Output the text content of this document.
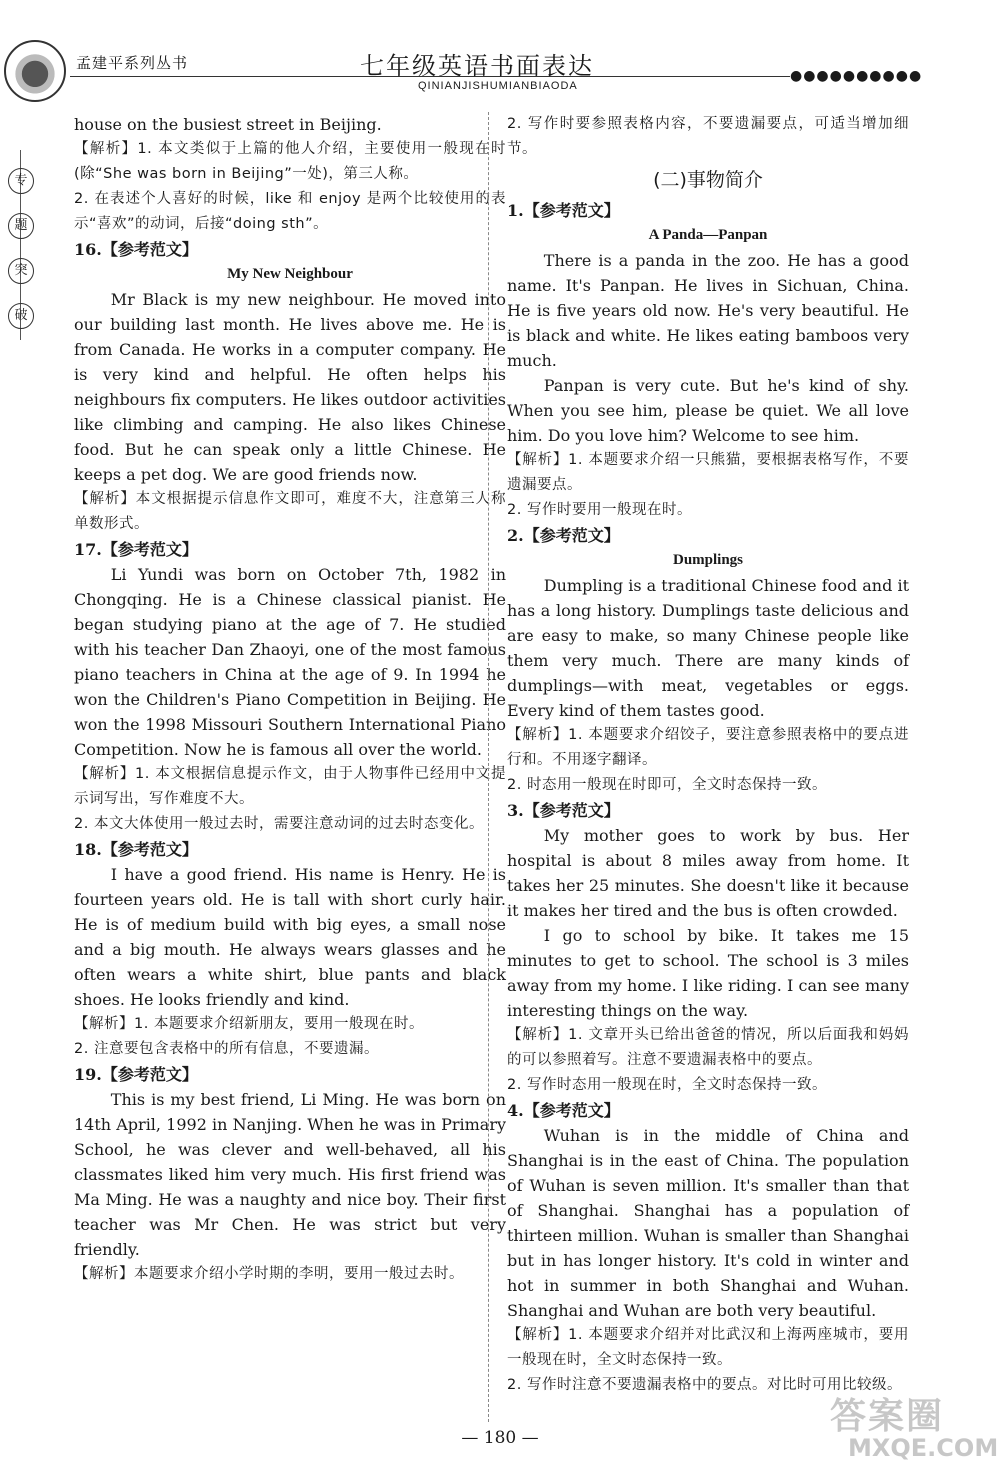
孟建平系列丛书	七年级英语书面表达
QINIANJISHUMIANBIAODA
●●●●●●●●●●
专
题
突
破

house on the busiest street in Beijing.

【解析】1. 本文类似于上篇的他人介绍，主要使用一般现在时(除“She was born in Beijing”一处)，第三人称。

2. 在表述个人喜好的时候，like 和 enjoy 是两个比较使用的表示“喜欢”的动词，后接“doing sth”。

16.【参考范文】

My New Neighbour

Mr Black is my new neighbour. He moved into our building last month. He lives above me. He is from Canada. He works in a computer company. He is very kind and helpful. He often helps his neighbours fix computers. He likes outdoor activities like climbing and camping. He also likes Chinese food. But he can speak only a little Chinese. He keeps a pet dog. We are good friends now.

【解析】本文根据提示信息作文即可，难度不大，注意第三人称单数形式。

17.【参考范文】

Li Yundi was born on October 7th, 1982 in Chongqing. He is a Chinese classical pianist. He began studying piano at the age of 7. He studied with his teacher Dan Zhaoyi, one of the most famous piano teachers in China at the age of 9. In 1994 he won the Children's Piano Competition in Beijing. He won the 1998 Missouri Southern International Piano Competition. Now he is famous all over the world.

【解析】1. 本文根据信息提示作文，由于人物事件已经用中文提示词写出，写作难度不大。

2. 本文大体使用一般过去时，需要注意动词的过去时态变化。

18.【参考范文】

I have a good friend. His name is Henry. He is fourteen years old. He is tall with short curly hair. He is of medium build with big eyes, a small nose and a big mouth. He always wears glasses and he often wears a white shirt, blue pants and black shoes. He looks friendly and kind.

【解析】1. 本题要求介绍新朋友，要用一般现在时。

2. 注意要包含表格中的所有信息，不要遗漏。

19.【参考范文】

This is my best friend, Li Ming. He was born on 14th April, 1992 in Nanjing. When he was in Primary School, he was clever and well-behaved, all his classmates liked him very much. His first friend was Ma Ming. He was a naughty and nice boy. Their first teacher was Mr Chen. He was strict but very friendly.

【解析】本题要求介绍小学时期的李明，要用一般过去时。

2. 写作时要参照表格内容，不要遗漏要点，可适当增加细节。

(二)事物简介

1.【参考范文】

A Panda—Panpan

There is a panda in the zoo. He has a good name. It's Panpan. He lives in Sichuan, China. He is five years old now. He's very beautiful. He is black and white. He likes eating bamboos very much.

Panpan is very cute. But he's kind of shy. When you see him, please be quiet. We all love him. Do you love him? Welcome to see him.

【解析】1. 本题要求介绍一只熊猫，要根据表格写作，不要遗漏要点。

2. 写作时要用一般现在时。

2.【参考范文】

Dumplings

Dumpling is a traditional Chinese food and it has a long history. Dumplings taste delicious and are easy to make, so many Chinese people like them very much. There are many kinds of dumplings—with meat, vegetables or eggs. Every kind of them tastes good.

【解析】1. 本题要求介绍饺子，要注意参照表格中的要点进行和。不用逐字翻译。

2. 时态用一般现在时即可，全文时态保持一致。

3.【参考范文】

My mother goes to work by bus. Her hospital is about 8 miles away from home. It takes her 25 minutes. She doesn't like it because it makes her tired and the bus is often crowded.

I go to school by bike. It takes me 15 minutes to get to school. The school is 3 miles away from my home. I like riding. I can see many interesting things on the way.

【解析】1. 文章开头已给出爸爸的情况，所以后面我和妈妈的可以参照着写。注意不要遗漏表格中的要点。

2. 写作时态用一般现在时，全文时态保持一致。

4.【参考范文】

Wuhan is in the middle of China and Shanghai is in the east of China. The population of Wuhan is seven million. It's smaller than that of Shanghai. Shanghai has a population of thirteen million. Wuhan is smaller than Shanghai but in has longer history. It's cold in winter and hot in summer in both Shanghai and Wuhan. Shanghai and Wuhan are both very beautiful.

【解析】1. 本题要求介绍并对比武汉和上海两座城市，要用一般现在时，全文时态保持一致。

2. 写作时注意不要遗漏表格中的要点。对比时可用比较级。

— 180 —
答案圈
MXQE.COM
